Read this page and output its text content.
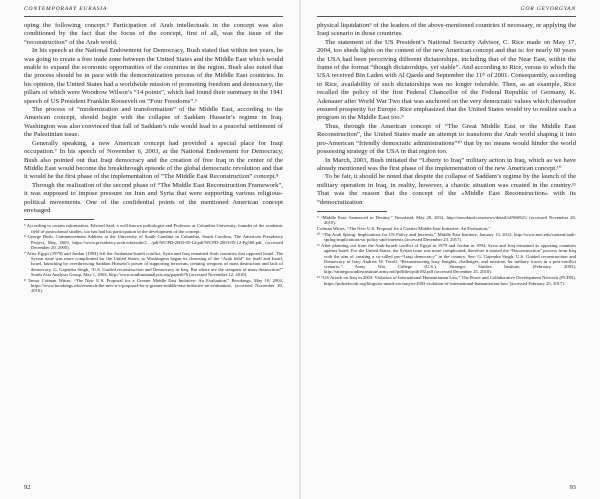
CONTEMPORARY EURASIA

oping the following concept.⁵ Participation of Arab intellectuals in the concept was also conditioned by the fact that the focus of the concept, first of all, was the issue of the “reconstruction” of the Arab world.

In his speech at the National Endowment for Democracy, Bush stated that within ten years, he was going to create a free trade zone between the United States and the Middle East which would enable to expand the economic opportunities of the countries in the region. Bush also noted that the process should be in pace with the democratization process of the Middle East countries. In his opinion, the United States had a worldwide mission of promoting freedom and democracy, the pillars of which were Woodrow Wilson’s “14 points”, which had found their summary in the 1941 speech of US President Franklin Roosevelt on “Four Freedoms”.⁶

The process of “modernization and transformation” of the Middle East, according to the American concept, should begin with the collapse of Saddam Hussein’s regime in Iraq. Washington was also convinced that fall of Saddam’s rule would lead to a peaceful settlement of the Palestinian issue.

Generally speaking, a new American concept had provided a special place for Iraqi occupation.⁷ In his speech of November 6, 2003, at the National Endowment for Democracy, Bush also pointed out that Iraqi democracy and the creation of free Iraq in the center of the Middle East would become the breakthrough episode of the global democratic revolution and that it would be the first phase of the implementation of “The Middle East Reconstruction” concept.⁸

Through the realization of the second phase of “The Middle East Reconstruction Framework”, it was supposed to impose pressure on Iran and Syria that were supporting various religious-political movements. One of the confidential points of the mentioned American concept envisaged

⁵ According to certain information, Edward Said, a well-known politologist and Professor at Columbia University, founder of the academic field of postcolonial studies, too has had his participation in the development of the concept.

⁶ George Bush, Commencement Address at the University of South Carolina in Columbia, South Carolina, The American Presidency Project, May, 2003, https://www.presidency.ucsb.edu/node/2…/pdf/WCPD-2003-05-12/pdf/WCPD-2003-05-12-Pg568.pdf, (accessed December 20, 2005).

⁷ After Egypt (1979) and Jordan (1994) left the Jordanian-Israeli conflict, Syria and Iraq remained Arab countries that opposed Israel. The Syrian issue was more complicated for the United States, so Washington began its cleansing of the “Arab field” for itself and Israel, Israel, launching by overthrowing Saddam Hussein’s power of supporting terrorism, creating weapons of mass destruction and lack of democracy. G. Gajendra Singh, “U.S. Guided reconstruction and Democracy in Iraq: But where are the weapons of mass destruction?” South Asia Analysis Group, May 1, 2003, http://www.southasiaanalysis.org/paper676 (accessed November 12, 2010).

⁸ Tamar Cofman Wittes, “The New U.S. Proposal for a Greater Middle East Initiative: An Evaluation,” Brookings, May 10, 2004, https://www.brookings.edu/research/the-new-u-s-proposal-for-a-greater-middle-east-initiative-an-evaluation/, (accessed November 20, 2010).

92
GOR GEVORGYAN

physical liquidation⁹ of the leaders of the above-mentioned countries if necessary, or applying the Iraqi scenario in those countries.

The statement of the US President’s National Security Advisor, C. Rice made on May 17, 2004, too sheds lights on the content of the new American concept and that is: for nearly 60 years the USA had been perceiving different dictatorships, including that of the Near East, within the frame of the format “though dictatorships, yet stable”. And according to Rice, versus to which the USA received Bin Laden with Al Qaeda and September the 11ᵗʰ of 2001. Consequently, according to Rice, availability of such dictatorships was no longer tolerable. Then, as an example, Rice recalled the policy of the first Federal Chancellor of the Federal Republic of Germany, K. Adenauer after World War Two that was anchored on the very democratic values which thereafter ensured prosperity for Europe. Rice emphasized that the United States would try to realize such a program in the Middle East too.⁹

Thus, through the American concept of “The Great Middle East or the Middle East Reconstruction”, the United States made an attempt to transform the Arab world shaping it into pro-American “friendly democratic administrations”¹⁰ that by no means would hinder the world possessing strategy of the USA in that region too.

In March, 2003, Bush initiated the “Liberty to Iraq” military action in Iraq, which as we have already mentioned was the first phase of the implementation of the new American concept.¹⁰

To be fair, it should be noted that despite the collapse of Saddam’s regime by the launch of the military operation in Iraq, in reality, however, a chaotic situation was created in the country.¹¹ That was the reason that the concept of the «Middle East Reconstruction» with its “democratization

⁹ “Middle East: Sentenced to Destiny,” Newsland, May 28, 2012, http://newsland.com/news/detail/id/966921/ (accessed November 20, 2010).

Cofman Wittes, “The New U.S. Proposal for a Greater Middle East Initiative: An Evaluation,”

¹⁰ “The Arab Spring: Implications for US Policy and Interests,” Middle East Institute, January 13, 2012, http://www.mei.edu/content/arab-spring-implications-us-policy-and-interests (accessed December 23, 2017).

¹¹ After planning out from the Arab-Israeli conflict of Egypt in 1979 and Jordan in 1994, Syria and Iraq remained as opposing countries against Israel. For the United States, the Syrian issue was more complicated; therefore it started the “Reconstruction” process from Iraq with the aim of creating a so-called pro-“Iraqi democracy” in the country. See: G. Gajendra Singh, U.S. Guided reconstruction and Democracy in Iraq: Andrew W. Terrill, “Reconstructing Iraq: Insights, challenges, and missions for military forces in a post-conflict scenario,” Army War College (U.S.), Strategic Studies Institute, (February, 2003), http://strategicstudiesinstitute.army.mil/pdffiles/pub182.pdf (accessed December 25, 2010).

¹² “US Attack on Iraq in 2003: Violation of International Humanitarian Law,” The Peace and Collaborative Development Network (PCDN), https://pcdnetwork.org/blogs/us-attack-on-iraq-in-2003-violation-of-international-humanitarian-law/ (accessed February 25, 2017).

93
